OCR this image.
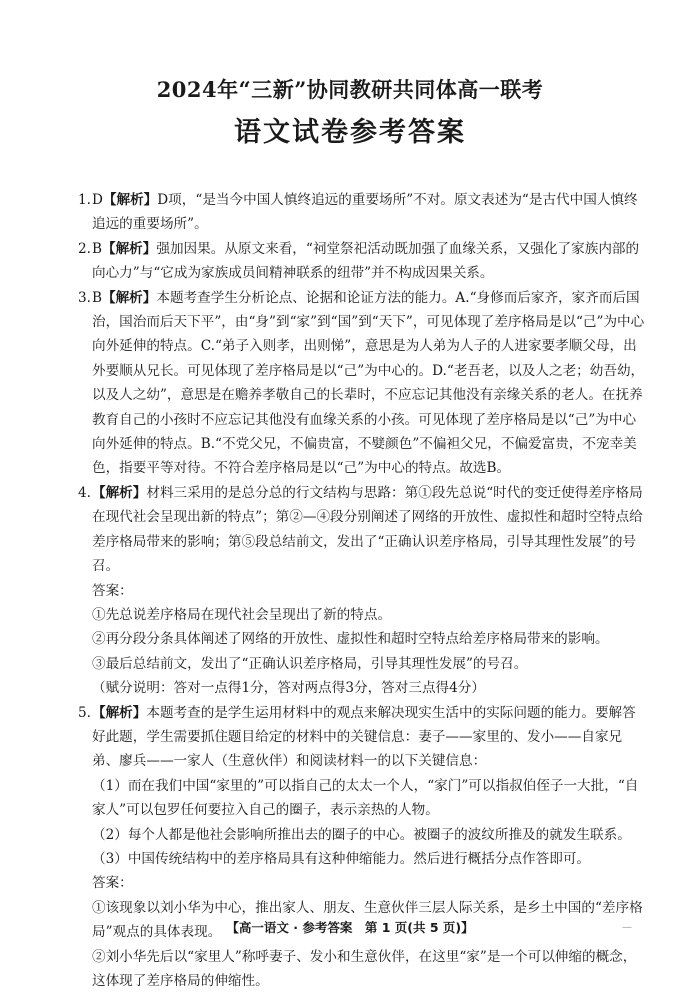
2024年“三新”协同教研共同体高一联考
语文试卷参考答案
1. D【解析】D项，“是当今中国人慎终追远的重要场所”不对。原文表述为“是古代中国人慎终追远的重要场所”。
2. B【解析】强加因果。从原文来看，“祠堂祭祀活动既加强了血缘关系，又强化了家族内部的向心力”与“它成为家族成员间精神联系的纽带”并不构成因果关系。
3. B【解析】本题考查学生分析论点、论据和论证方法的能力。A.“身修而后家齐，家齐而后国治，国治而后天下平”，由“身”到“家”到“国”到“天下”，可见体现了差序格局是以“己”为中心向外延伸的特点。C.“弟子入则孝，出则悌”，意思是为人弟为人子的人进家要孝顺父母，出外要顺从兄长。可见体现了差序格局是以“己”为中心的。D.“老吾老，以及人之老；幼吾幼，以及人之幼”，意思是在赡养孝敬自己的长辈时，不应忘记其他没有亲缘关系的老人。在抚养教育自己的小孩时不应忘记其他没有血缘关系的小孩。可见体现了差序格局是以“己”为中心向外延伸的特点。B.“不党父兄，不偏贵富，不嬖颜色”不偏袒父兄，不偏爱富贵，不宠幸美色，指要平等对待。不符合差序格局是以“己”为中心的特点。故选B。
4. 【解析】材料三采用的是总分总的行文结构与思路：第①段先总说“时代的变迁使得差序格局在现代社会呈现出新的特点”；第②—④段分别阐述了网络的开放性、虚拟性和超时空特点给差序格局带来的影响；第⑤段总结前文，发出了“正确认识差序格局，引导其理性发展”的号召。
答案：
①先总说差序格局在现代社会呈现出了新的特点。
②再分段分条具体阐述了网络的开放性、虚拟性和超时空特点给差序格局带来的影响。
③最后总结前文，发出了“正确认识差序格局，引导其理性发展”的号召。
（赋分说明：答对一点得1分，答对两点得3分，答对三点得4分）
5. 【解析】本题考查的是学生运用材料中的观点来解决现实生活中的实际问题的能力。要解答好此题，学生需要抓住题目给定的材料中的关键信息：妻子——家里的、发小——自家兄弟、廖兵——一家人（生意伙伴）和阅读材料一的以下关键信息：
（1）而在我们中国“家里的”可以指自己的太太一个人，“家门”可以指叔伯侄子一大批，“自家人”可以包罗任何要拉入自己的圈子，表示亲热的人物。
（2）每个人都是他社会影响所推出去的圈子的中心。被圈子的波纹所推及的就发生联系。
（3）中国传统结构中的差序格局具有这种伸缩能力。然后进行概括分点作答即可。
答案：
①该现象以刘小华为中心，推出家人、朋友、生意伙伴三层人际关系，是乡土中国的“差序格局”观点的具体表现。
②刘小华先后以“家里人”称呼妻子、发小和生意伙伴，在这里“家”是一个可以伸缩的概念，这体现了差序格局的伸缩性。
【高一语文 · 参考答案　第 1 页(共 5 页)】	—
